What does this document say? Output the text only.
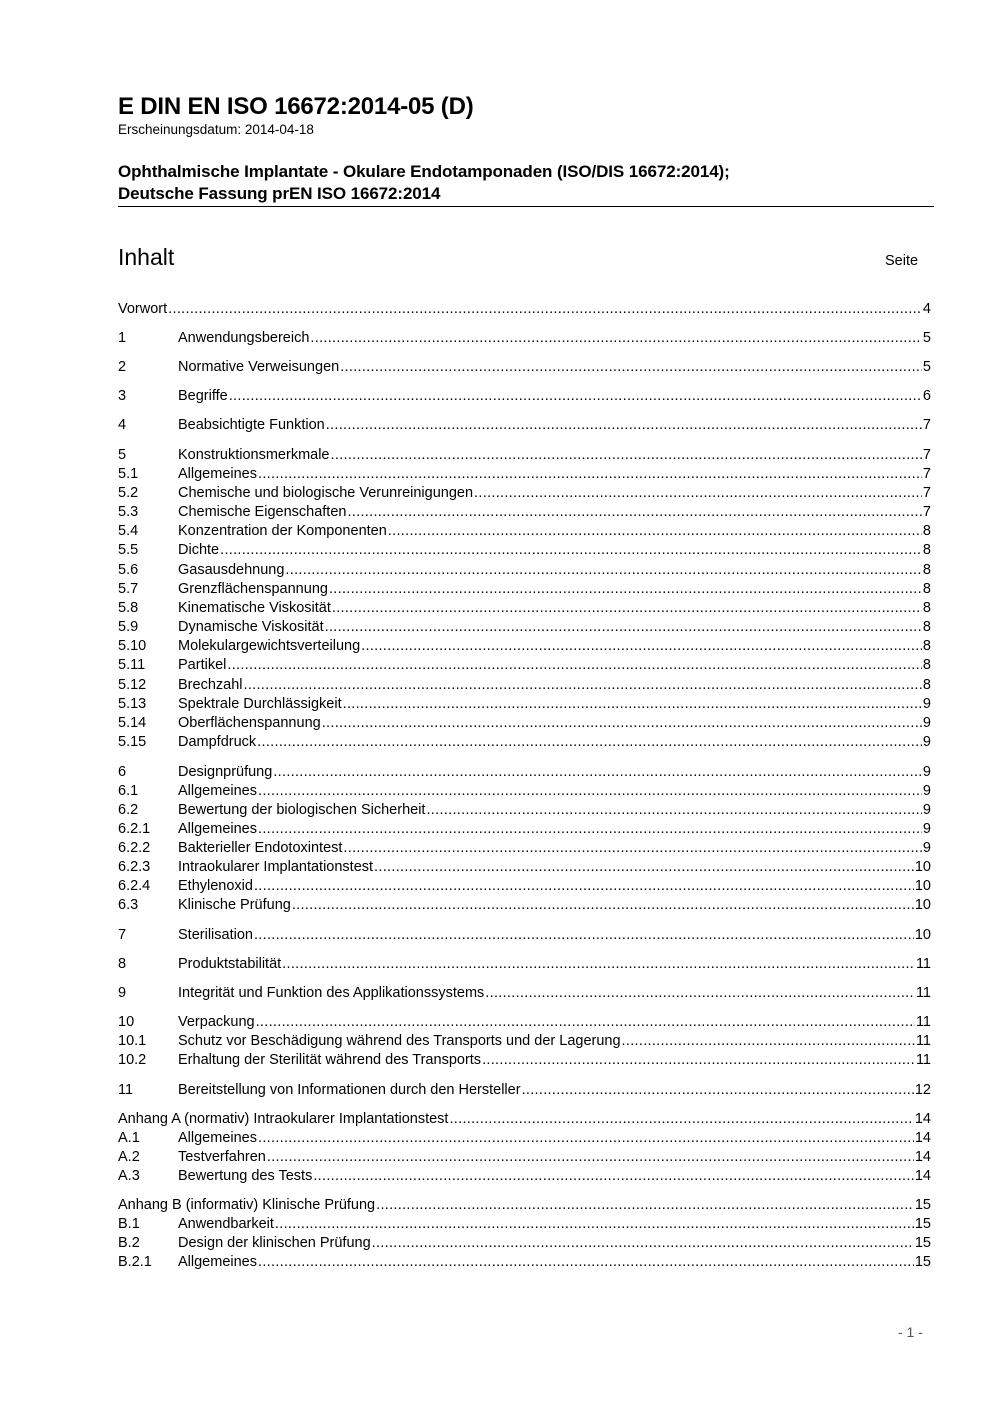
E DIN EN ISO 16672:2014-05 (D)
Erscheinungsdatum: 2014-04-18
Ophthalmische Implantate - Okulare Endotamponaden (ISO/DIS 16672:2014);
Deutsche Fassung prEN ISO 16672:2014
Inhalt	Seite
Vorwort .....	4
1	Anwendungsbereich .....	5
2	Normative Verweisungen .....	5
3	Begriffe .....	6
4	Beabsichtigte Funktion .....	7
5	Konstruktionsmerkmale .....	7
5.1	Allgemeines .....	7
5.2	Chemische und biologische Verunreinigungen .....	7
5.3	Chemische Eigenschaften .....	7
5.4	Konzentration der Komponenten .....	8
5.5	Dichte .....	8
5.6	Gasausdehnung .....	8
5.7	Grenzflächenspannung .....	8
5.8	Kinematische Viskosität .....	8
5.9	Dynamische Viskosität .....	8
5.10	Molekulargewichtsverteilung .....	8
5.11	Partikel .....	8
5.12	Brechzahl .....	8
5.13	Spektrale Durchlässigkeit .....	9
5.14	Oberflächenspannung .....	9
5.15	Dampfdruck .....	9
6	Designprüfung .....	9
6.1	Allgemeines .....	9
6.2	Bewertung der biologischen Sicherheit .....	9
6.2.1	Allgemeines .....	9
6.2.2	Bakterieller Endotoxintest .....	9
6.2.3	Intraokularer Implantationstest .....	10
6.2.4	Ethylenoxid .....	10
6.3	Klinische Prüfung .....	10
7	Sterilisation .....	10
8	Produktstabilität .....	11
9	Integrität und Funktion des Applikationssystems .....	11
10	Verpackung .....	11
10.1	Schutz vor Beschädigung während des Transports und der Lagerung .....	11
10.2	Erhaltung der Sterilität während des Transports .....	11
11	Bereitstellung von Informationen durch den Hersteller .....	12
Anhang A (normativ) Intraokularer Implantationstest .....	14
A.1	Allgemeines .....	14
A.2	Testverfahren .....	14
A.3	Bewertung des Tests .....	14
Anhang B (informativ) Klinische Prüfung .....	15
B.1	Anwendbarkeit .....	15
B.2	Design der klinischen Prüfung .....	15
B.2.1	Allgemeines .....	15
- 1 -
